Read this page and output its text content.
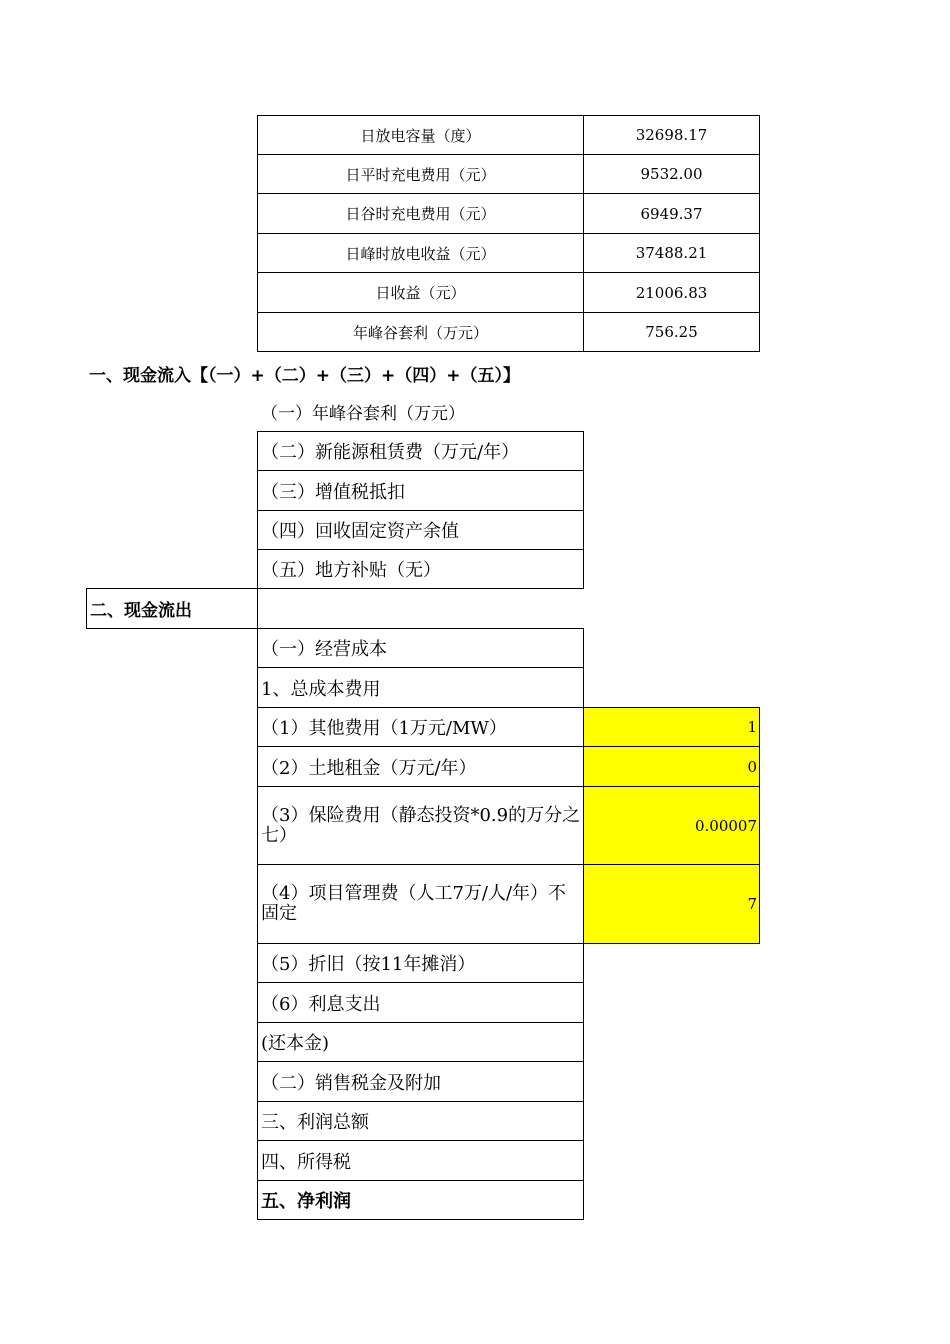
日放电容量（度）	32698.17
日平时充电费用（元）	9532.00
日谷时充电费用（元）	6949.37
日峰时放电收益（元）	37488.21
日收益（元）	21006.83
年峰谷套利（万元）	756.25
一、现金流入【（一）+（二）+（三）+（四）+（五）】
（一）年峰谷套利（万元）
（二）新能源租赁费（万元/年）
（三）增值税抵扣
（四）回收固定资产余值
（五）地方补贴（无）
二、现金流出
（一）经营成本
1、总成本费用
（1）其他费用（1万元/MW）	1
（2）土地租金（万元/年）	0
（3）保险费用（静态投资*0.9的万分之七）	0.00007
（4）项目管理费（人工7万/人/年）不固定	7
（5）折旧（按11年摊消）
（6）利息支出
(还本金)
（二）销售税金及附加
三、利润总额
四、所得税
五、净利润
